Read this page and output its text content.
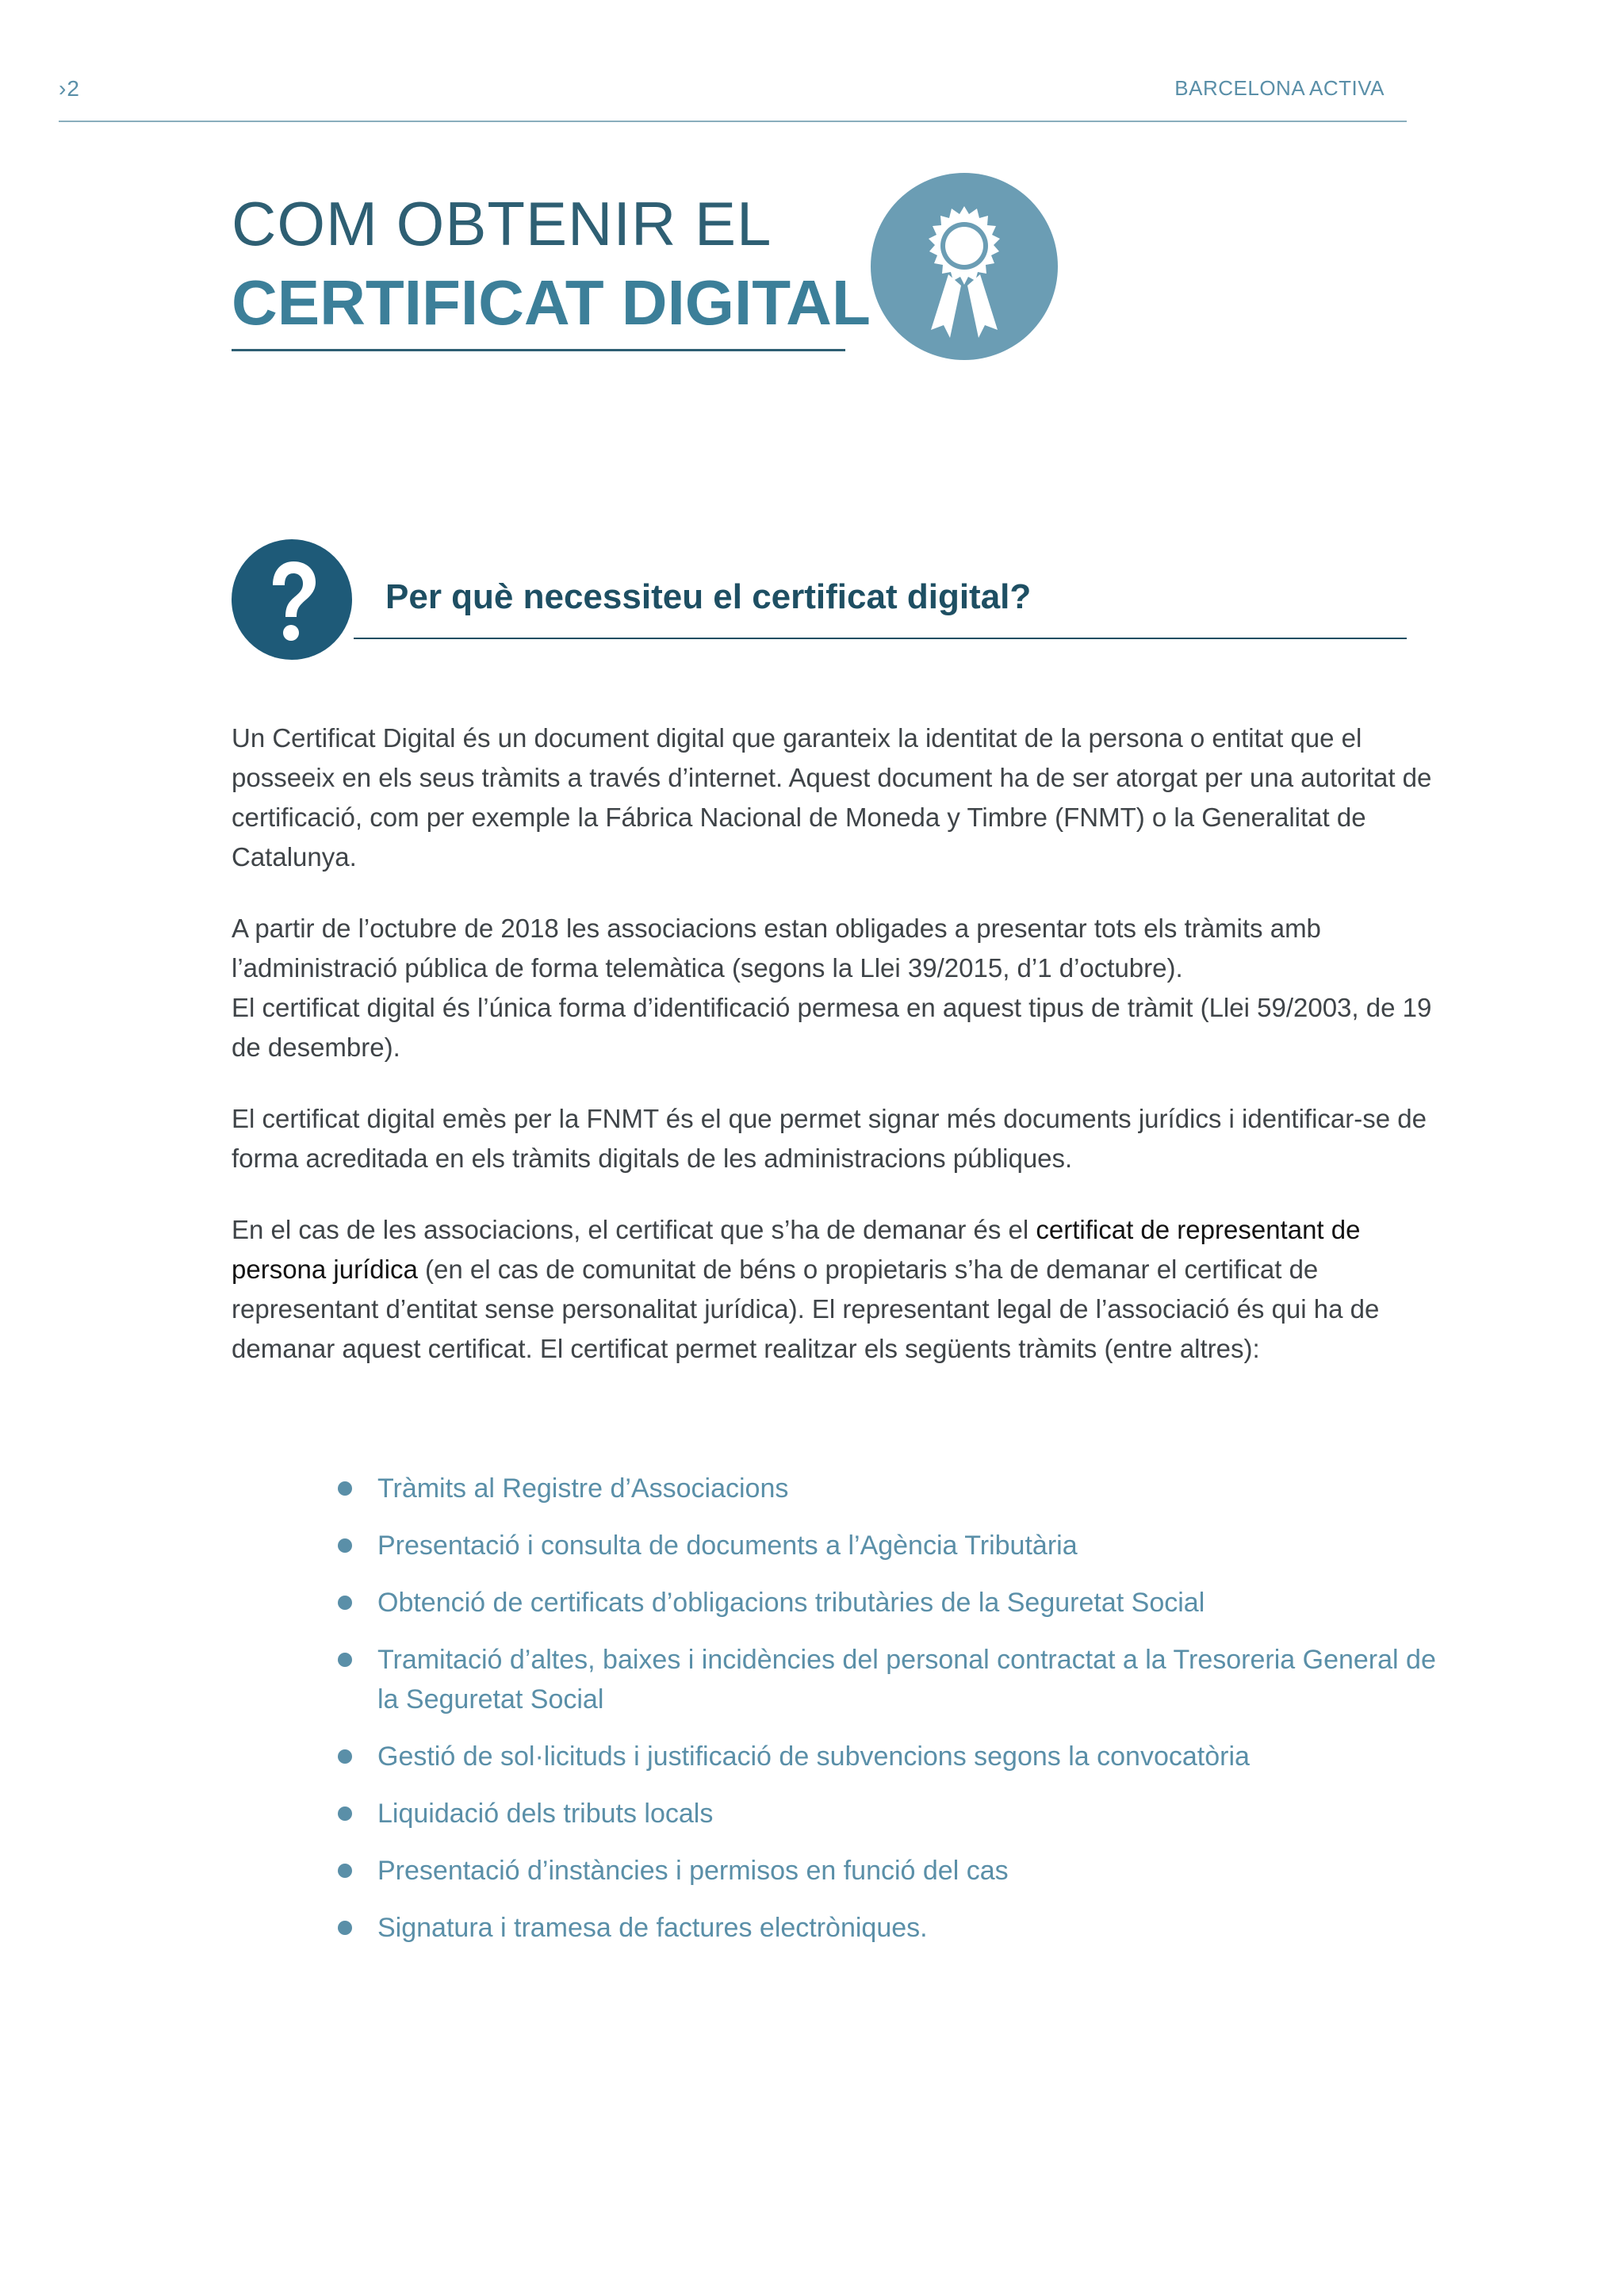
›2	BARCELONA ACTIVA
COM OBTENIR EL
CERTIFICAT DIGITAL
Per què necessiteu el certificat digital?

Un Certificat Digital és un document digital que garanteix la identitat de la persona o entitat que el posseeix en els seus tràmits a través d’internet. Aquest document ha de ser atorgat per una autoritat de certificació, com per exemple la Fábrica Nacional de Moneda y Timbre (FNMT) o la Generalitat de Catalunya.

A partir de l’octubre de 2018 les associacions estan obligades a presentar tots els tràmits amb l’administració pública de forma telemàtica (segons la Llei 39/2015, d’1 d’octubre).
El certificat digital és l’única forma d’identificació permesa en aquest tipus de tràmit (Llei 59/2003, de 19 de desembre).

El certificat digital emès per la FNMT és el que permet signar més documents jurídics i identificar-se de forma acreditada en els tràmits digitals de les administracions públiques.

En el cas de les associacions, el certificat que s’ha de demanar és el certificat de representant de persona jurídica (en el cas de comunitat de béns o propietaris s’ha de demanar el certificat de representant d’entitat sense personalitat jurídica). El representant legal de l’associació és qui ha de demanar aquest certificat. El certificat permet realitzar els següents tràmits (entre altres):

Tràmits al Registre d’Associacions
Presentació i consulta de documents a l’Agència Tributària
Obtenció de certificats d’obligacions tributàries de la Seguretat Social
Tramitació d’altes, baixes i incidències del personal contractat a la Tresoreria General de la Seguretat Social
Gestió de sol·licituds i justificació de subvencions segons la convocatòria
Liquidació dels tributs locals
Presentació d’instàncies i permisos en funció del cas
Signatura i tramesa de factures electròniques.
